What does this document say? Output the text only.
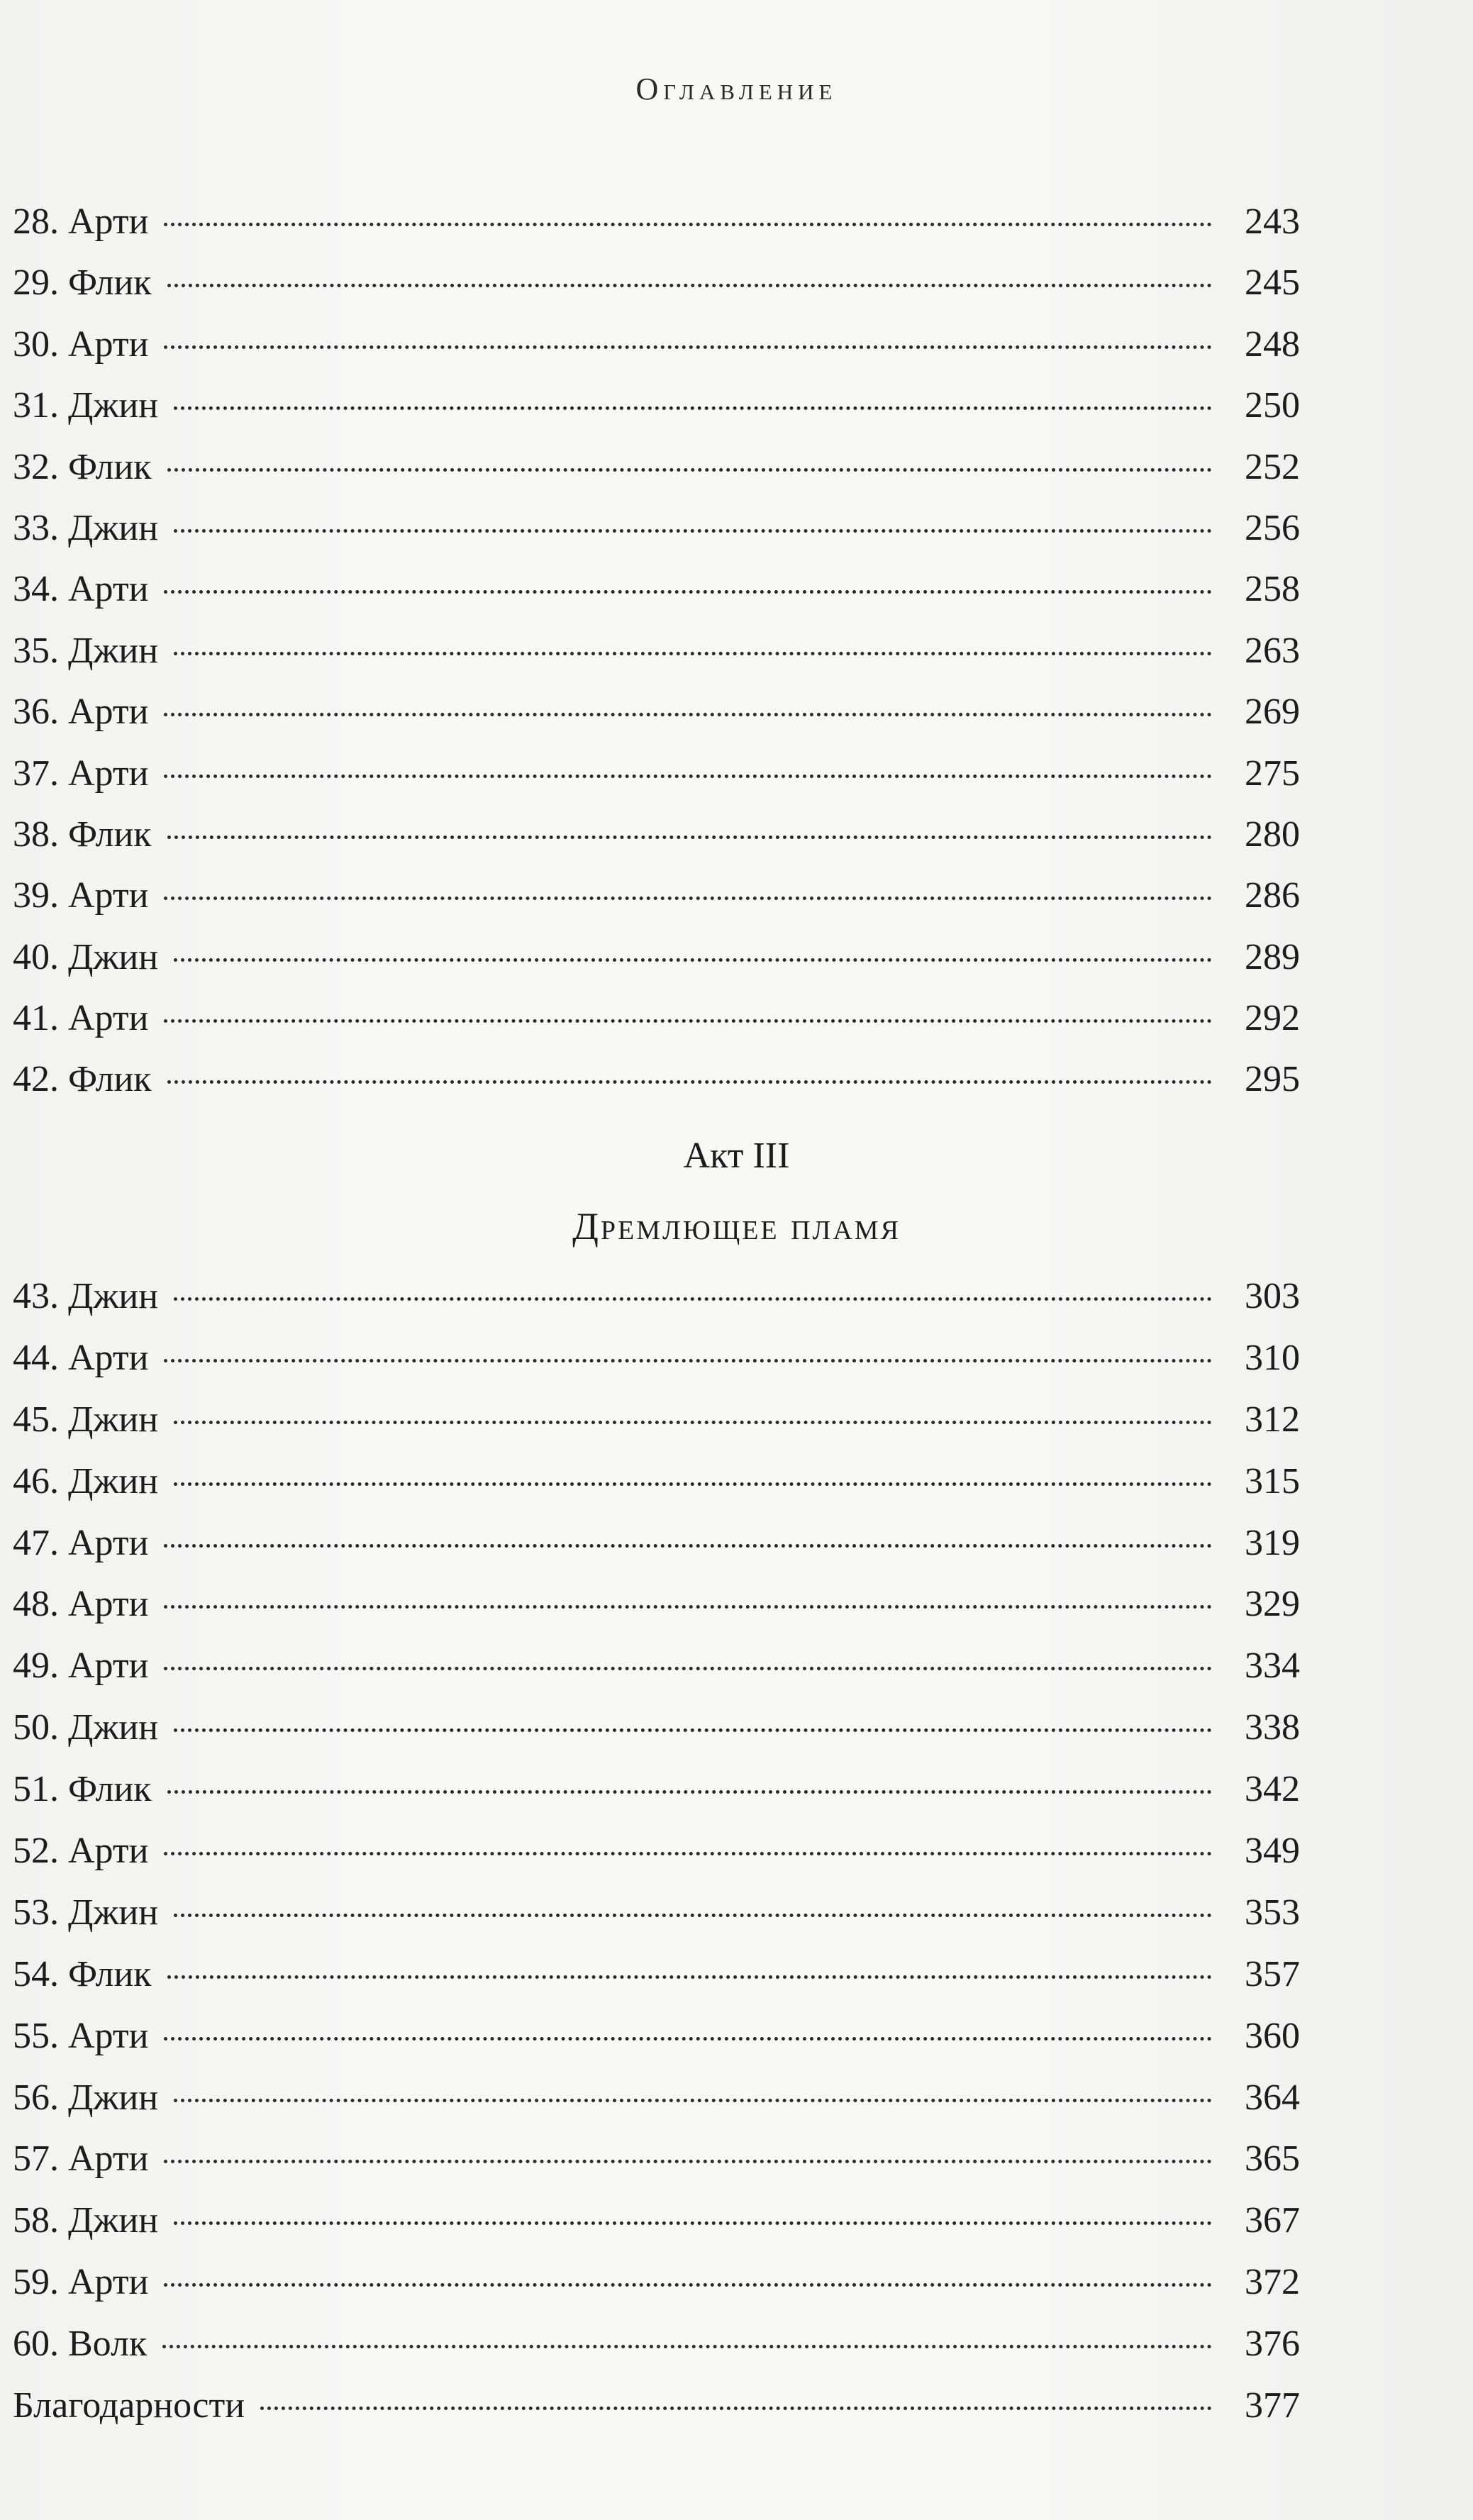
Оглавление
28. Арти	243
29. Флик	245
30. Арти	248
31. Джин	250
32. Флик	252
33. Джин	256
34. Арти	258
35. Джин	263
36. Арти	269
37. Арти	275
38. Флик	280
39. Арти	286
40. Джин	289
41. Арти	292
42. Флик	295
Акт III
Дремлющее пламя
43. Джин	303
44. Арти	310
45. Джин	312
46. Джин	315
47. Арти	319
48. Арти	329
49. Арти	334
50. Джин	338
51. Флик	342
52. Арти	349
53. Джин	353
54. Флик	357
55. Арти	360
56. Джин	364
57. Арти	365
58. Джин	367
59. Арти	372
60. Волк	376
Благодарности	377
